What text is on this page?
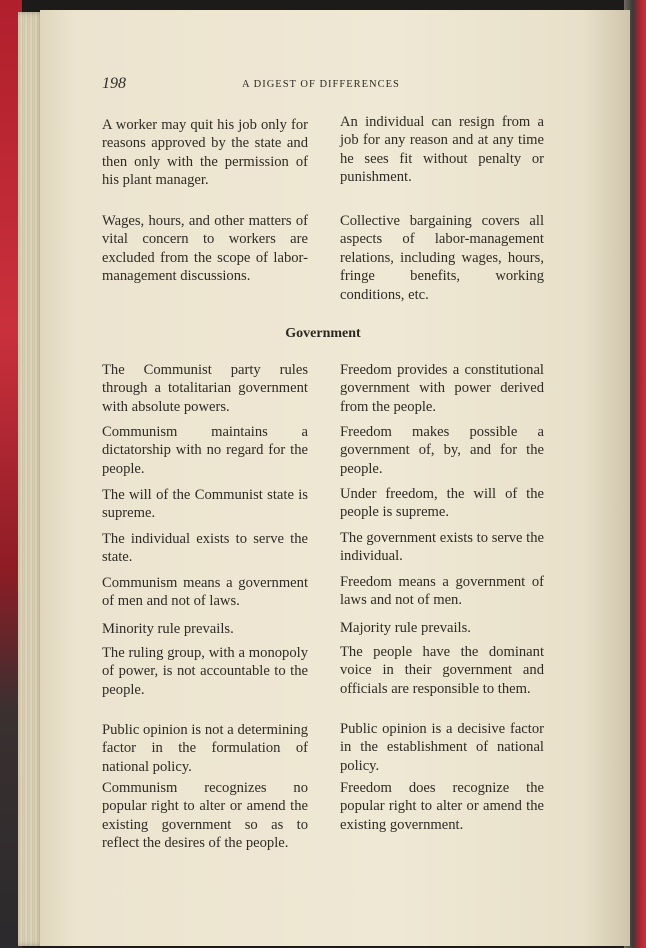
198	A DIGEST OF DIFFERENCES

A worker may quit his job only for reasons approved by the state and then only with the permission of his plant manager.

An individual can resign from a job for any reason and at any time he sees fit without penalty or punishment.

Wages, hours, and other matters of vital concern to workers are excluded from the scope of labor-management discussions.

Collective bargaining covers all aspects of labor-management relations, including wages, hours, fringe benefits, working conditions, etc.

Government

The Communist party rules through a totalitarian government with absolute powers.

Freedom provides a constitutional government with power derived from the people.

Communism maintains a dictatorship with no regard for the people.

Freedom makes possible a government of, by, and for the people.

The will of the Communist state is supreme.

Under freedom, the will of the people is supreme.

The individual exists to serve the state.

The government exists to serve the individual.

Communism means a government of men and not of laws.

Freedom means a government of laws and not of men.

Minority rule prevails.	Majority rule prevails.

The ruling group, with a monopoly of power, is not accountable to the people.

The people have the dominant voice in their government and officials are responsible to them.

Public opinion is not a determining factor in the formulation of national policy.

Public opinion is a decisive factor in the establishment of national policy.

Communism recognizes no popular right to alter or amend the existing government so as to reflect the desires of the people.

Freedom does recognize the popular right to alter or amend the existing government.
